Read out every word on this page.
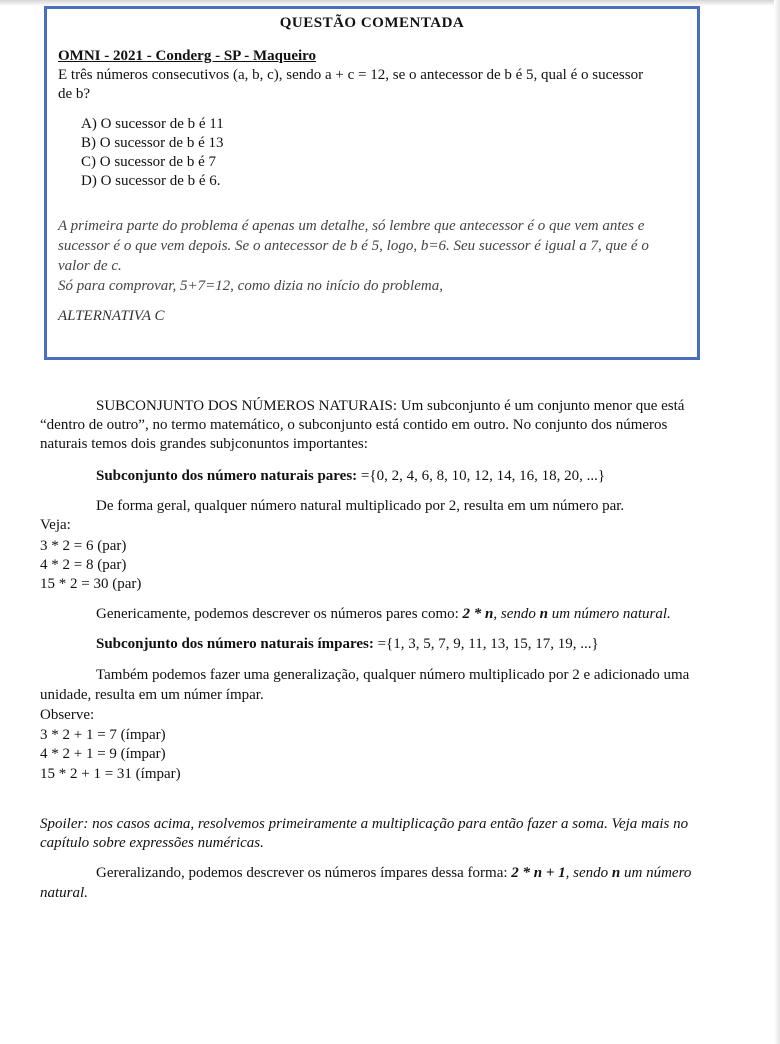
QUESTÃO COMENTADA
OMNI - 2021 - Conderg - SP - Maqueiro
E três números consecutivos (a, b, c), sendo a + c = 12, se o antecessor de b é 5, qual é o sucessor
de b?
A) O sucessor de b é 11
B) O sucessor de b é 13
C) O sucessor de b é 7
D) O sucessor de b é 6.
A primeira parte do problema é apenas um detalhe, só lembre que antecessor é o que vem antes e
sucessor é o que vem depois. Se o antecessor de b é 5, logo, b=6. Seu sucessor é igual a 7, que é o
valor de c.
Só para comprovar, 5+7=12, como dizia no início do problema,
ALTERNATIVA C
SUBCONJUNTO DOS NÚMEROS NATURAIS: Um subconjunto é um conjunto menor que está
“dentro de outro”, no termo matemático, o subconjunto está contido em outro. No conjunto dos números
naturais temos dois grandes subjconuntos importantes:
Subconjunto dos número naturais pares: ={0, 2, 4, 6, 8, 10, 12, 14, 16, 18, 20, ...}
De forma geral, qualquer número natural multiplicado por 2, resulta em um número par.
Veja:
3 * 2 = 6 (par)
4 * 2 = 8 (par)
15 * 2 = 30 (par)
Genericamente, podemos descrever os números pares como: 2 * n, sendo n um número natural.
Subconjunto dos número naturais ímpares: ={1, 3, 5, 7, 9, 11, 13, 15, 17, 19, ...}
Também podemos fazer uma generalização, qualquer número multiplicado por 2 e adicionado uma
unidade, resulta em um númer ímpar.
Observe:
3 * 2 + 1 = 7 (ímpar)
4 * 2 + 1 = 9 (ímpar)
15 * 2 + 1 = 31 (ímpar)
Spoiler: nos casos acima, resolvemos primeiramente a multiplicação para então fazer a soma. Veja mais no
capítulo sobre expressões numéricas.
Gereralizando, podemos descrever os números ímpares dessa forma: 2 * n + 1, sendo n um número
natural.
